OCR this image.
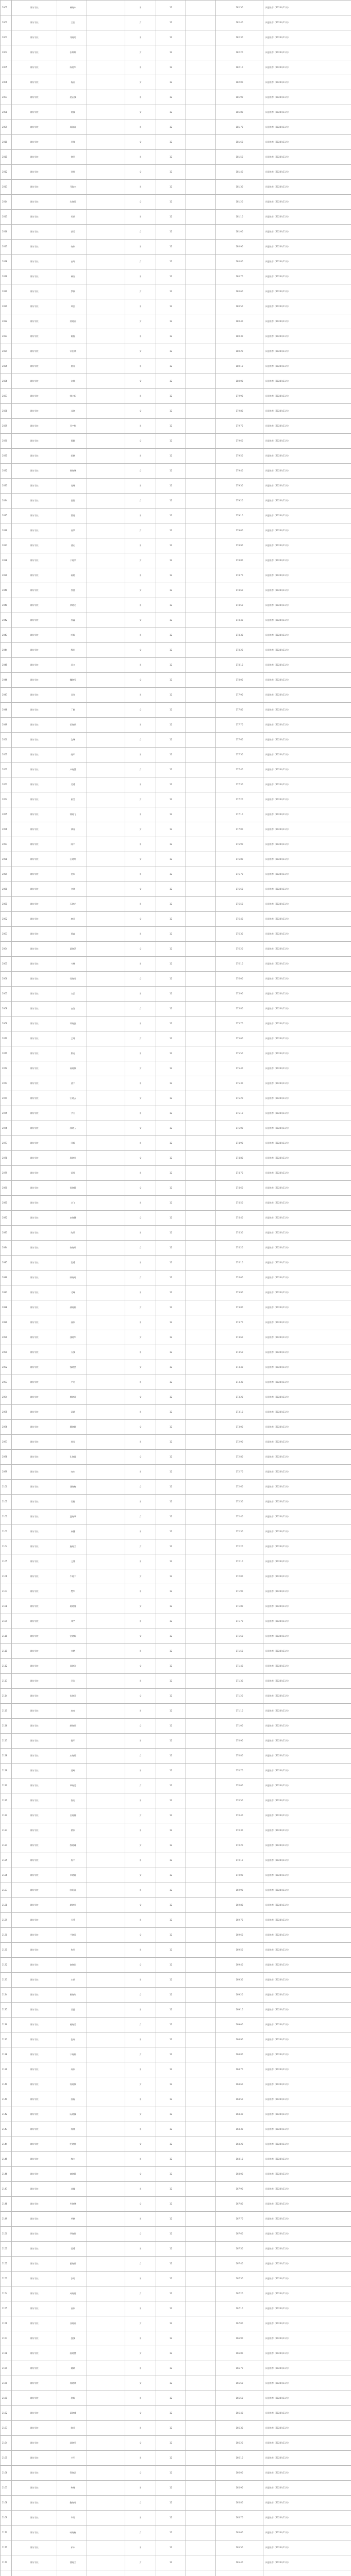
2001	潍坊学院	林晓东		男	12		182.50	同意推荐（2024年11月）
2002	潍坊学院	王佳		女	12		182.40	同意推荐（2024年11月）
2003	潍坊学院	刘晓明		男	12		182.30	同意推荐（2024年11月）
2004	潍坊学院	张婷婷		女	12		182.20	同意推荐（2024年11月）
2005	潍坊学院	陈建华		男	12		182.10	同意推荐（2024年11月）
2006	潍坊学院	杨丽		女	12		182.00	同意推荐（2024年11月）
2007	潍坊学院	赵志强		男	12		181.90	同意推荐（2024年11月）
2008	潍坊学院	黄静		女	12		181.80	同意推荐（2024年11月）
2009	潍坊学院	周海涛		男	12		181.70	同意推荐（2024年11月）
2010	潍坊学院	吴倩		女	12		181.60	同意推荐（2024年11月）
2011	潍坊学院	徐明		男	12		181.50	同意推荐（2024年11月）
2012	潍坊学院	孙悦		女	12		181.40	同意推荐（2024年11月）
2013	潍坊学院	马俊杰		男	12		181.30	同意推荐（2024年11月）
2014	潍坊学院	朱晓燕		女	12		181.20	同意推荐（2024年11月）
2015	潍坊学院	胡斌		男	12		181.10	同意推荐（2024年11月）
2016	潍坊学院	郭雪		女	12		181.00	同意推荐（2024年11月）
2017	潍坊学院	何伟		男	12		180.90	同意推荐（2024年11月）
2018	潍坊学院	高玲		女	12		180.80	同意推荐（2024年11月）
2019	潍坊学院	林涛		男	12		180.70	同意推荐（2024年11月）
2020	潍坊学院	罗敏		女	12		180.60	同意推荐（2024年11月）
2021	潍坊学院	郑凯		男	12		180.50	同意推荐（2024年11月）
2022	潍坊学院	梁晓丽		女	12		180.40	同意推荐（2024年11月）
2023	潍坊学院	谢磊		男	12		180.30	同意推荐（2024年11月）
2024	潍坊学院	宋佳琪		女	12		180.20	同意推荐（2024年11月）
2025	潍坊学院	唐浩		男	12		180.10	同意推荐（2024年11月）
2026	潍坊学院	许娜		女	12		180.00	同意推荐（2024年11月）
2027	潍坊学院	韩立新		男	12		179.90	同意推荐（2024年11月）
2028	潍坊学院	冯晓		女	12		179.80	同意推荐（2024年11月）
2029	潍坊学院	邓宇航		男	12		179.70	同意推荐（2024年11月）
2030	潍坊学院	曹颖		女	12		179.60	同意推荐（2024年11月）
2031	潍坊学院	彭鹏		男	12		179.50	同意推荐（2024年11月）
2032	潍坊学院	曾晓琳		女	12		179.40	同意推荐（2024年11月）
2033	潍坊学院	肖峰		男	12		179.30	同意推荐（2024年11月）
2034	潍坊学院	田甜		女	12		179.20	同意推荐（2024年11月）
2035	潍坊学院	董建		男	12		179.10	同意推荐（2024年11月）
2036	潍坊学院	袁梦		女	12		179.00	同意推荐（2024年11月）
2037	潍坊学院	潘宏		男	12		178.90	同意推荐（2024年11月）
2038	潍坊学院	于晓菲		女	12		178.80	同意推荐（2024年11月）
2039	潍坊学院	蒋超		男	12		178.70	同意推荐（2024年11月）
2040	潍坊学院	蔡蕾		女	12		178.60	同意推荐（2024年11月）
2041	潍坊学院	余晓龙		男	12		178.50	同意推荐（2024年11月）
2042	潍坊学院	杜鑫		女	12		178.40	同意推荐（2024年11月）
2043	潍坊学院	叶辉		男	12		178.30	同意推荐（2024年11月）
2044	潍坊学院	程佳		女	12		178.20	同意推荐（2024年11月）
2045	潍坊学院	苏文		男	12		178.10	同意推荐（2024年11月）
2046	潍坊学院	魏晓雪		女	12		178.00	同意推荐（2024年11月）
2047	潍坊学院	吕刚		男	12		177.90	同意推荐（2024年11月）
2048	潍坊学院	丁雅		女	12		177.80	同意推荐（2024年11月）
2049	潍坊学院	任晓斌		男	12		177.70	同意推荐（2024年11月）
2050	潍坊学院	沈琳		女	12		177.60	同意推荐（2024年11月）
2051	潍坊学院	姚军		男	12		177.50	同意推荐（2024年11月）
2052	潍坊学院	卢晓慧		女	12		177.40	同意推荐（2024年11月）
2053	潍坊学院	姜勇		男	12		177.30	同意推荐（2024年11月）
2054	潍坊学院	崔莹		女	12		177.20	同意推荐（2024年11月）
2055	潍坊学院	钟晓飞		男	12		177.10	同意推荐（2024年11月）
2056	潍坊学院	谭秀		女	12		177.00	同意推荐（2024年11月）
2057	潍坊学院	陆平		男	12		176.90	同意推荐（2024年11月）
2058	潍坊学院	汪晓红		女	12		176.80	同意推荐（2024年11月）
2059	潍坊学院	范东		男	12		176.70	同意推荐（2024年11月）
2060	潍坊学院	金琪		女	12		176.60	同意推荐（2024年11月）
2061	潍坊学院	石晓光		男	12		176.50	同意推荐（2024年11月）
2062	潍坊学院	廖芳		女	12		176.40	同意推荐（2024年11月）
2063	潍坊学院	贾森		男	12		176.30	同意推荐（2024年11月）
2064	潍坊学院	夏晓萍		女	12		176.20	同意推荐（2024年11月）
2065	潍坊学院	韦林		男	12		176.10	同意推荐（2024年11月）
2066	潍坊学院	付晓月		女	12		176.00	同意推荐（2024年11月）
2067	潍坊学院	方正		男	12		175.90	同意推荐（2024年11月）
2068	潍坊学院	白洁		女	12		175.80	同意推荐（2024年11月）
2069	潍坊学院	邹晓波		男	12		175.70	同意推荐（2024年11月）
2070	潍坊学院	孟瑶		女	12		175.60	同意推荐（2024年11月）
2071	潍坊学院	熊亮		男	12		175.50	同意推荐（2024年11月）
2072	潍坊学院	秦晓敏		女	12		175.40	同意推荐（2024年11月）
2073	潍坊学院	邱宁		男	12		175.30	同意推荐（2024年11月）
2074	潍坊学院	江晓云		女	12		175.20	同意推荐（2024年11月）
2075	潍坊学院	尹杰		男	12		175.10	同意推荐（2024年11月）
2076	潍坊学院	薛晓玉		女	12		175.00	同意推荐（2024年11月）
2077	潍坊学院	闫磊		男	12		174.90	同意推荐（2024年11月）
2078	潍坊学院	段晓丹		女	12		174.80	同意推荐（2024年11月）
2079	潍坊学院	雷鸣		男	12		174.70	同意推荐（2024年11月）
2080	潍坊学院	侯晓莉		女	12		174.60	同意推荐（2024年11月）
2081	潍坊学院	龙飞		男	12		174.50	同意推荐（2024年11月）
2082	潍坊学院	史晓静		女	12		174.40	同意推荐（2024年11月）
2083	潍坊学院	陶然		男	12		174.30	同意推荐（2024年11月）
2084	潍坊学院	黎晓彤		女	12		174.20	同意推荐（2024年11月）
2085	潍坊学院	贺勇		男	12		174.10	同意推荐（2024年11月）
2086	潍坊学院	顾晓萌		女	12		174.00	同意推荐（2024年11月）
2087	潍坊学院	毛峰		男	12		173.90	同意推荐（2024年11月）
2088	潍坊学院	郝晓娟		女	12		173.80	同意推荐（2024年11月）
2089	潍坊学院	龚伟		男	12		173.70	同意推荐（2024年11月）
2090	潍坊学院	邵晓华		女	12		173.60	同意推荐（2024年11月）
2091	潍坊学院	万强		男	12		173.50	同意推荐（2024年11月）
2092	潍坊学院	钱晓芸		女	12		173.40	同意推荐（2024年11月）
2093	潍坊学院	严明		男	12		173.30	同意推荐（2024年11月）
2094	潍坊学院	覃晓青		女	12		173.20	同意推荐（2024年11月）
2095	潍坊学院	武斌		男	12		173.10	同意推荐（2024年11月）
2096	潍坊学院	戴晓婷		女	12		173.00	同意推荐（2024年11月）
2097	潍坊学院	莫凡		男	12		172.90	同意推荐（2024年11月）
2098	潍坊学院	孔晓霞		女	12		172.80	同意推荐（2024年11月）
2099	潍坊学院	向东		男	12		172.70	同意推荐（2024年11月）
2100	潍坊学院	汤晓梅		女	12		172.60	同意推荐（2024年11月）
2101	潍坊学院	常胜		男	12		172.50	同意推荐（2024年11月）
2102	潍坊学院	温晓琴		女	12		172.40	同意推荐（2024年11月）
2103	潍坊学院	康健		男	12		172.30	同意推荐（2024年11月）
2104	潍坊学院	施晓兰		女	12		172.20	同意推荐（2024年11月）
2105	潍坊学院	文博		男	12		172.10	同意推荐（2024年11月）
2106	潍坊学院	牛晓宁		女	12		172.00	同意推荐（2024年11月）
2107	潍坊学院	樊华		男	12		171.90	同意推荐（2024年11月）
2108	潍坊学院	葛晓倩		女	12		171.80	同意推荐（2024年11月）
2109	潍坊学院	邢宇		男	12		171.70	同意推荐（2024年11月）
2110	潍坊学院	安晓辉		女	12		171.60	同意推荐（2024年11月）
2111	潍坊学院	齐鹏		男	12		171.50	同意推荐（2024年11月）
2112	潍坊学院	易晓洁		女	12		171.40	同意推荐（2024年11月）
2113	潍坊学院	乔治		男	12		171.30	同意推荐（2024年11月）
2114	潍坊学院	伍晓芳		女	12		171.20	同意推荐（2024年11月）
2115	潍坊学院	庞亮		男	12		171.10	同意推荐（2024年11月）
2116	潍坊学院	颜晓丽		女	12		171.00	同意推荐（2024年11月）
2117	潍坊学院	倪军		男	12		170.90	同意推荐（2024年11月）
2118	潍坊学院	庄晓燕		女	12		170.80	同意推荐（2024年11月）
2119	潍坊学院	聂辉		男	12		170.70	同意推荐（2024年11月）
2120	潍坊学院	章晓雯		女	12		170.60	同意推荐（2024年11月）
2121	潍坊学院	鲁达		男	12		170.50	同意推荐（2024年11月）
2122	潍坊学院	岳晓楠		女	12		170.40	同意推荐（2024年11月）
2123	潍坊学院	翟伟		男	12		170.30	同意推荐（2024年11月）
2124	潍坊学院	殷晓珊		女	12		170.20	同意推荐（2024年11月）
2125	潍坊学院	詹平		男	12		170.10	同意推荐（2024年11月）
2126	潍坊学院	申晓霞		女	12		170.00	同意推荐（2024年11月）
2127	潍坊学院	欧阳涛		男	12		169.90	同意推荐（2024年11月）
2128	潍坊学院	耿晓丹		女	12		169.80	同意推荐（2024年11月）
2129	潍坊学院	关勇		男	12		169.70	同意推荐（2024年11月）
2130	潍坊学院	兰晓燕		女	12		169.60	同意推荐（2024年11月）
2131	潍坊学院	焦明		男	12		169.50	同意推荐（2024年11月）
2132	潍坊学院	俞晓佳		女	12		169.40	同意推荐（2024年11月）
2133	潍坊学院	左斌		男	12		169.30	同意推荐（2024年11月）
2134	潍坊学院	柳晓红		女	12		169.20	同意推荐（2024年11月）
2135	潍坊学院	甘露		男	12		169.10	同意推荐（2024年11月）
2136	潍坊学院	祝晓雪		女	12		169.00	同意推荐（2024年11月）
2137	潍坊学院	包刚		男	12		168.90	同意推荐（2024年11月）
2138	潍坊学院	宁晓娟		女	12		168.80	同意推荐（2024年11月）
2139	潍坊学院	尚伟		男	12		168.70	同意推荐（2024年11月）
2140	潍坊学院	符晓敏		女	12		168.60	同意推荐（2024年11月）
2141	潍坊学院	舒畅		男	12		168.50	同意推荐（2024年11月）
2142	潍坊学院	阮晓静		女	12		168.40	同意推荐（2024年11月）
2143	潍坊学院	柯林		男	12		168.30	同意推荐（2024年11月）
2144	潍坊学院	纪晓萱		女	12		168.20	同意推荐（2024年11月）
2145	潍坊学院	梅杰		男	12		168.10	同意推荐（2024年11月）
2146	潍坊学院	童晓莉		女	12		168.00	同意推荐（2024年11月）
2147	潍坊学院	凌峰		男	12		167.90	同意推荐（2024年11月）
2148	潍坊学院	毕晓琳		女	12		167.80	同意推荐（2024年11月）
2149	潍坊学院	单鹏		男	12		167.70	同意推荐（2024年11月）
2150	潍坊学院	季晓婷		女	12		167.60	同意推荐（2024年11月）
2151	潍坊学院	裴勇		男	12		167.50	同意推荐（2024年11月）
2152	潍坊学院	霍晓丽		女	12		167.40	同意推荐（2024年11月）
2153	潍坊学院	涂明		男	12		167.30	同意推荐（2024年11月）
2154	潍坊学院	成晓霞		女	12		167.20	同意推荐（2024年11月）
2155	潍坊学院	苗伟		男	12		167.10	同意推荐（2024年11月）
2156	潍坊学院	谷晓燕		女	12		167.00	同意推荐（2024年11月）
2157	潍坊学院	盛强		男	12		166.90	同意推荐（2024年11月）
2158	潍坊学院	曲晓慧		女	12		166.80	同意推荐（2024年11月）
2159	潍坊学院	翁斌		男	12		166.70	同意推荐（2024年11月）
2160	潍坊学院	冉晓琪		女	12		166.60	同意推荐（2024年11月）
2161	潍坊学院	骆辉		男	12		166.50	同意推荐（2024年11月）
2162	潍坊学院	蓝晓晴		女	12		166.40	同意推荐（2024年11月）
2163	潍坊学院	路遥		男	12		166.30	同意推荐（2024年11月）
2164	潍坊学院	游晓雯		女	12		166.20	同意推荐（2024年11月）
2165	潍坊学院	辛军		男	12		166.10	同意推荐（2024年11月）
2166	潍坊学院	管晓芸		女	12		166.00	同意推荐（2024年11月）
2167	潍坊学院	柴峰		男	12		165.90	同意推荐（2024年11月）
2168	潍坊学院	鲍晓丹		女	12		165.80	同意推荐（2024年11月）
2169	潍坊学院	华阳		男	12		165.70	同意推荐（2024年11月）
2170	潍坊学院	喻晓梅		女	12		165.60	同意推荐（2024年11月）
2171	潍坊学院	祁东		男	12		165.50	同意推荐（2024年11月）
2172	潍坊学院	蒲晓兰		女	12		165.40	同意推荐（2024年11月）
